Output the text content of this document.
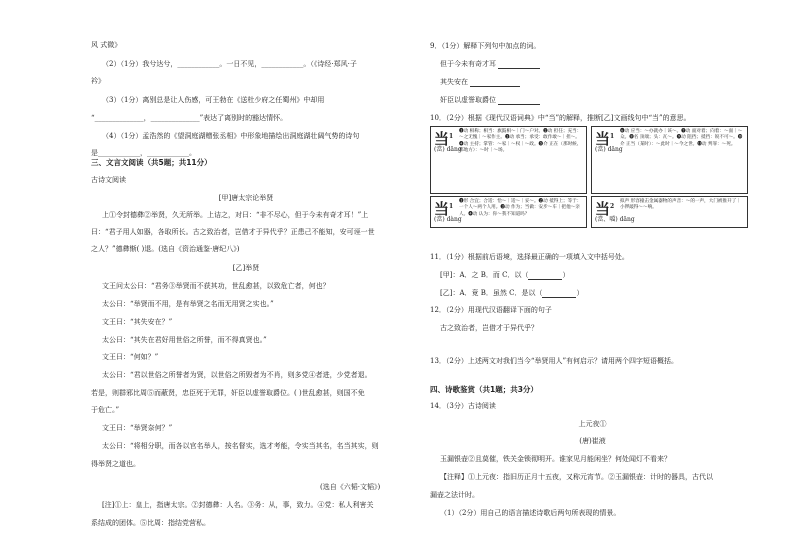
风 式微》
（2）（1分）我兮达兮，____________。一日不见，____________。（《诗经·郑风·子
衿》
（3）（1分）离别总是让人伤感，可王勃在《送杜少府之任蜀州》中却用
“______________，______________”表达了离别时的豁达情怀。
（4）（1分）孟浩然的《望洞庭湖赠张丞相》中形象地描绘出洞庭湖壮阔气势的诗句
是____________，____________。
三、文言文阅读（共5题；共11分）
古诗文阅读
[甲]唐太宗论举贤
上①令封德彝②举贤，久无所举。上诘之，对曰：“非不尽心，但于今未有奇才耳！”上
曰：“君子用人如器，各取所长。古之致治者，岂借才于异代乎？正患己不能知，安可诬一世
之人？”德彝惭( )退。(选自《资治通鉴·唐纪八》)
[乙]举贤
文王问太公曰：“君务③举贤而不获其功，世乱愈甚，以致危亡者，何也？
太公曰：“举贤而不用，是有举贤之名而无用贤之实也。”
文王曰：“其失安在？”
太公曰：“其失在君好用世俗之所誉，而不得真贤也。”
文王曰：“何如？”
太公曰：“君以世俗之所誉者为贤，以世俗之所毁者为不肖，则多党④者进，少党者退。
若是，则群邪比周⑤而蔽贤，忠臣死于无罪，奸臣以虚誉取爵位。( )世乱愈甚，则国不免
于危亡。”
文王曰：“举贤奈何？”
太公曰：“将相分职，而各以官名举人，按名督实，选才考能，令实当其名，名当其实，则
得举贤之道也。
(选自《六韬·文韬》)
[注]①上：皇上，指唐太宗。②封德彝：人名。③务：从，事，致力。④党：私人利害关
系结成的团体。⑤比周：指结党营私。
9．（1分）解释下列句中加点的词。
但于今未有奇才耳
其失安在
奸臣以虚誉取爵位
10．（2分）根据《现代汉语词典》中“当”的解释，推断[乙]文画线句中“当”的意思。
当$^1$
(當) dāng
❶动 相称；相当：旗鼓相～｜门～户对。❷动 担任；充当：～之无愧｜～家作主。❸动 承当；承受：敢作敢～｜担～。❹动 主持；掌管：～家｜～权｜～政。❺介 正在（那时候、那地方）：～时｜～场。
当$^1$
(當) dāng
❻动 应当：～办就办｜该～。❼动 面对着；向着：～面｜～众。❽名 顶端；头：瓦～。❾动 阻挡；抵挡：锐不可～。❿介 正当（某时）：～此时｜～今之世。⓫动 判罪：～死。
当$^1$
(當) dàng
❶形 合宜；合适：恰～｜适～｜妥～。❷动 抵得上；等于：一个人～两个人用。❸动 作为；当做：安步～车｜把他～亲人。❹动 认为：你～我不知道吗？	当$^2$
(當、噹) dāng
拟声 形容撞击金属器物的声音：～的一声，大门被推开了｜小锣敲得～～响。
11．（1分）根据前后语境，选择最正确的一项填入文中括号处。
[甲]：A．之 B．而 C．以（	）
[乙]：A．竟 B．虽然 C．是以（	）
12．（2分）用现代汉语翻译下面的句子
古之致治者，岂借才于异代乎？
13．（2分）上述两文对我们当今“举贤用人”有何启示？请用两个四字短语概括。
四、诗歌鉴赏（共1题；共3分）
14．（3分）古诗阅读
上元夜①
(唐)崔液
玉漏银壶②且莫催，铁关金锁彻明开。谁家见月能闲坐？何处闻灯不看来？
【注释】①上元夜：指旧历正月十五夜，又称元宵节。②玉漏银壶：计时的器具，古代以
漏壶之法计时。
（1）（2分）用自己的语言描述诗歌后两句所表现的情景。
